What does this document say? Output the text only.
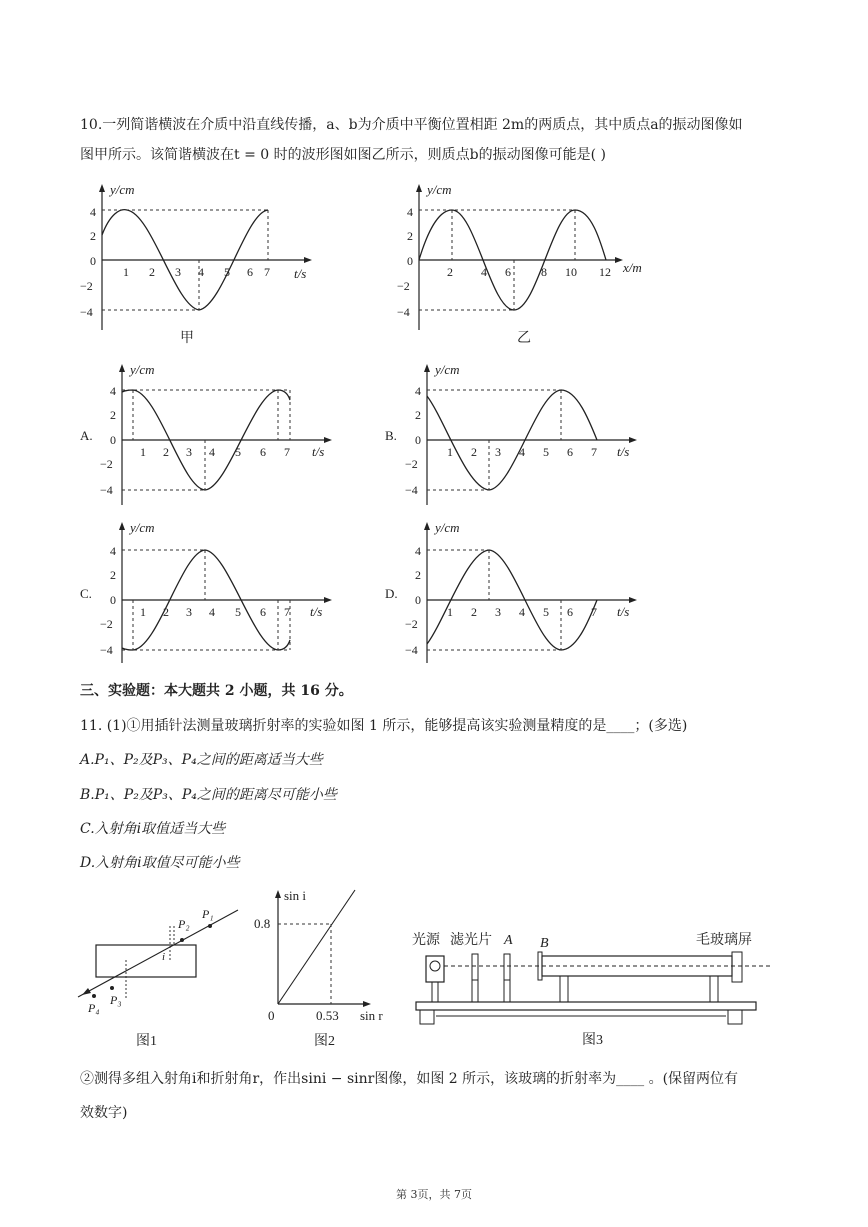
10.一列简谐横波在介质中沿直线传播，a、b为介质中平衡位置相距 2m的两质点，其中质点a的振动图像如
图甲所示。该简谐横波在t = 0 时的波形图如图乙所示，则质点b的振动图像可能是( )
y/cm
t/s
4
2
0
−2
−4
1 2 3 4 5 6 7
甲
y/cm
x/m
4
2
0
−2
−4
2 4 6	8 10 12
乙
A.
y/cm
t/s
4
2
0
−2
−4
1 2 3 4 5 6 7
B.
y/cm
t/s
4
2
0
−2
−4
1 2 3 4 5 6 7
C.
y/cm
t/s
4
2
0
−2
−4
1 2 3 4 5 6 7
D.
y/cm
t/s
4
2
0
−2
−4
1 2 3 4 5 6 7
三、实验题：本大题共 2 小题，共 16 分。
11. (1)①用插针法测量玻璃折射率的实验如图 1 所示，能够提高该实验测量精度的是____；(多选)
A.P₁、P₂及P₃、P₄之间的距离适当大些
B.P₁、P₂及P₃、P₄之间的距离尽可能小些
C.入射角i取值适当大些
D.入射角i取值尽可能小些
P₁
P₂
P₃
P₄
i
图1
sin i
sin r
0.8
0.53
0
图2
光源 滤光片 A B	毛玻璃屏
图3
②测得多组入射角i和折射角r，作出sini − sinr图像，如图 2 所示，该玻璃的折射率为____ 。(保留两位有
效数字)
第 3页，共 7页
